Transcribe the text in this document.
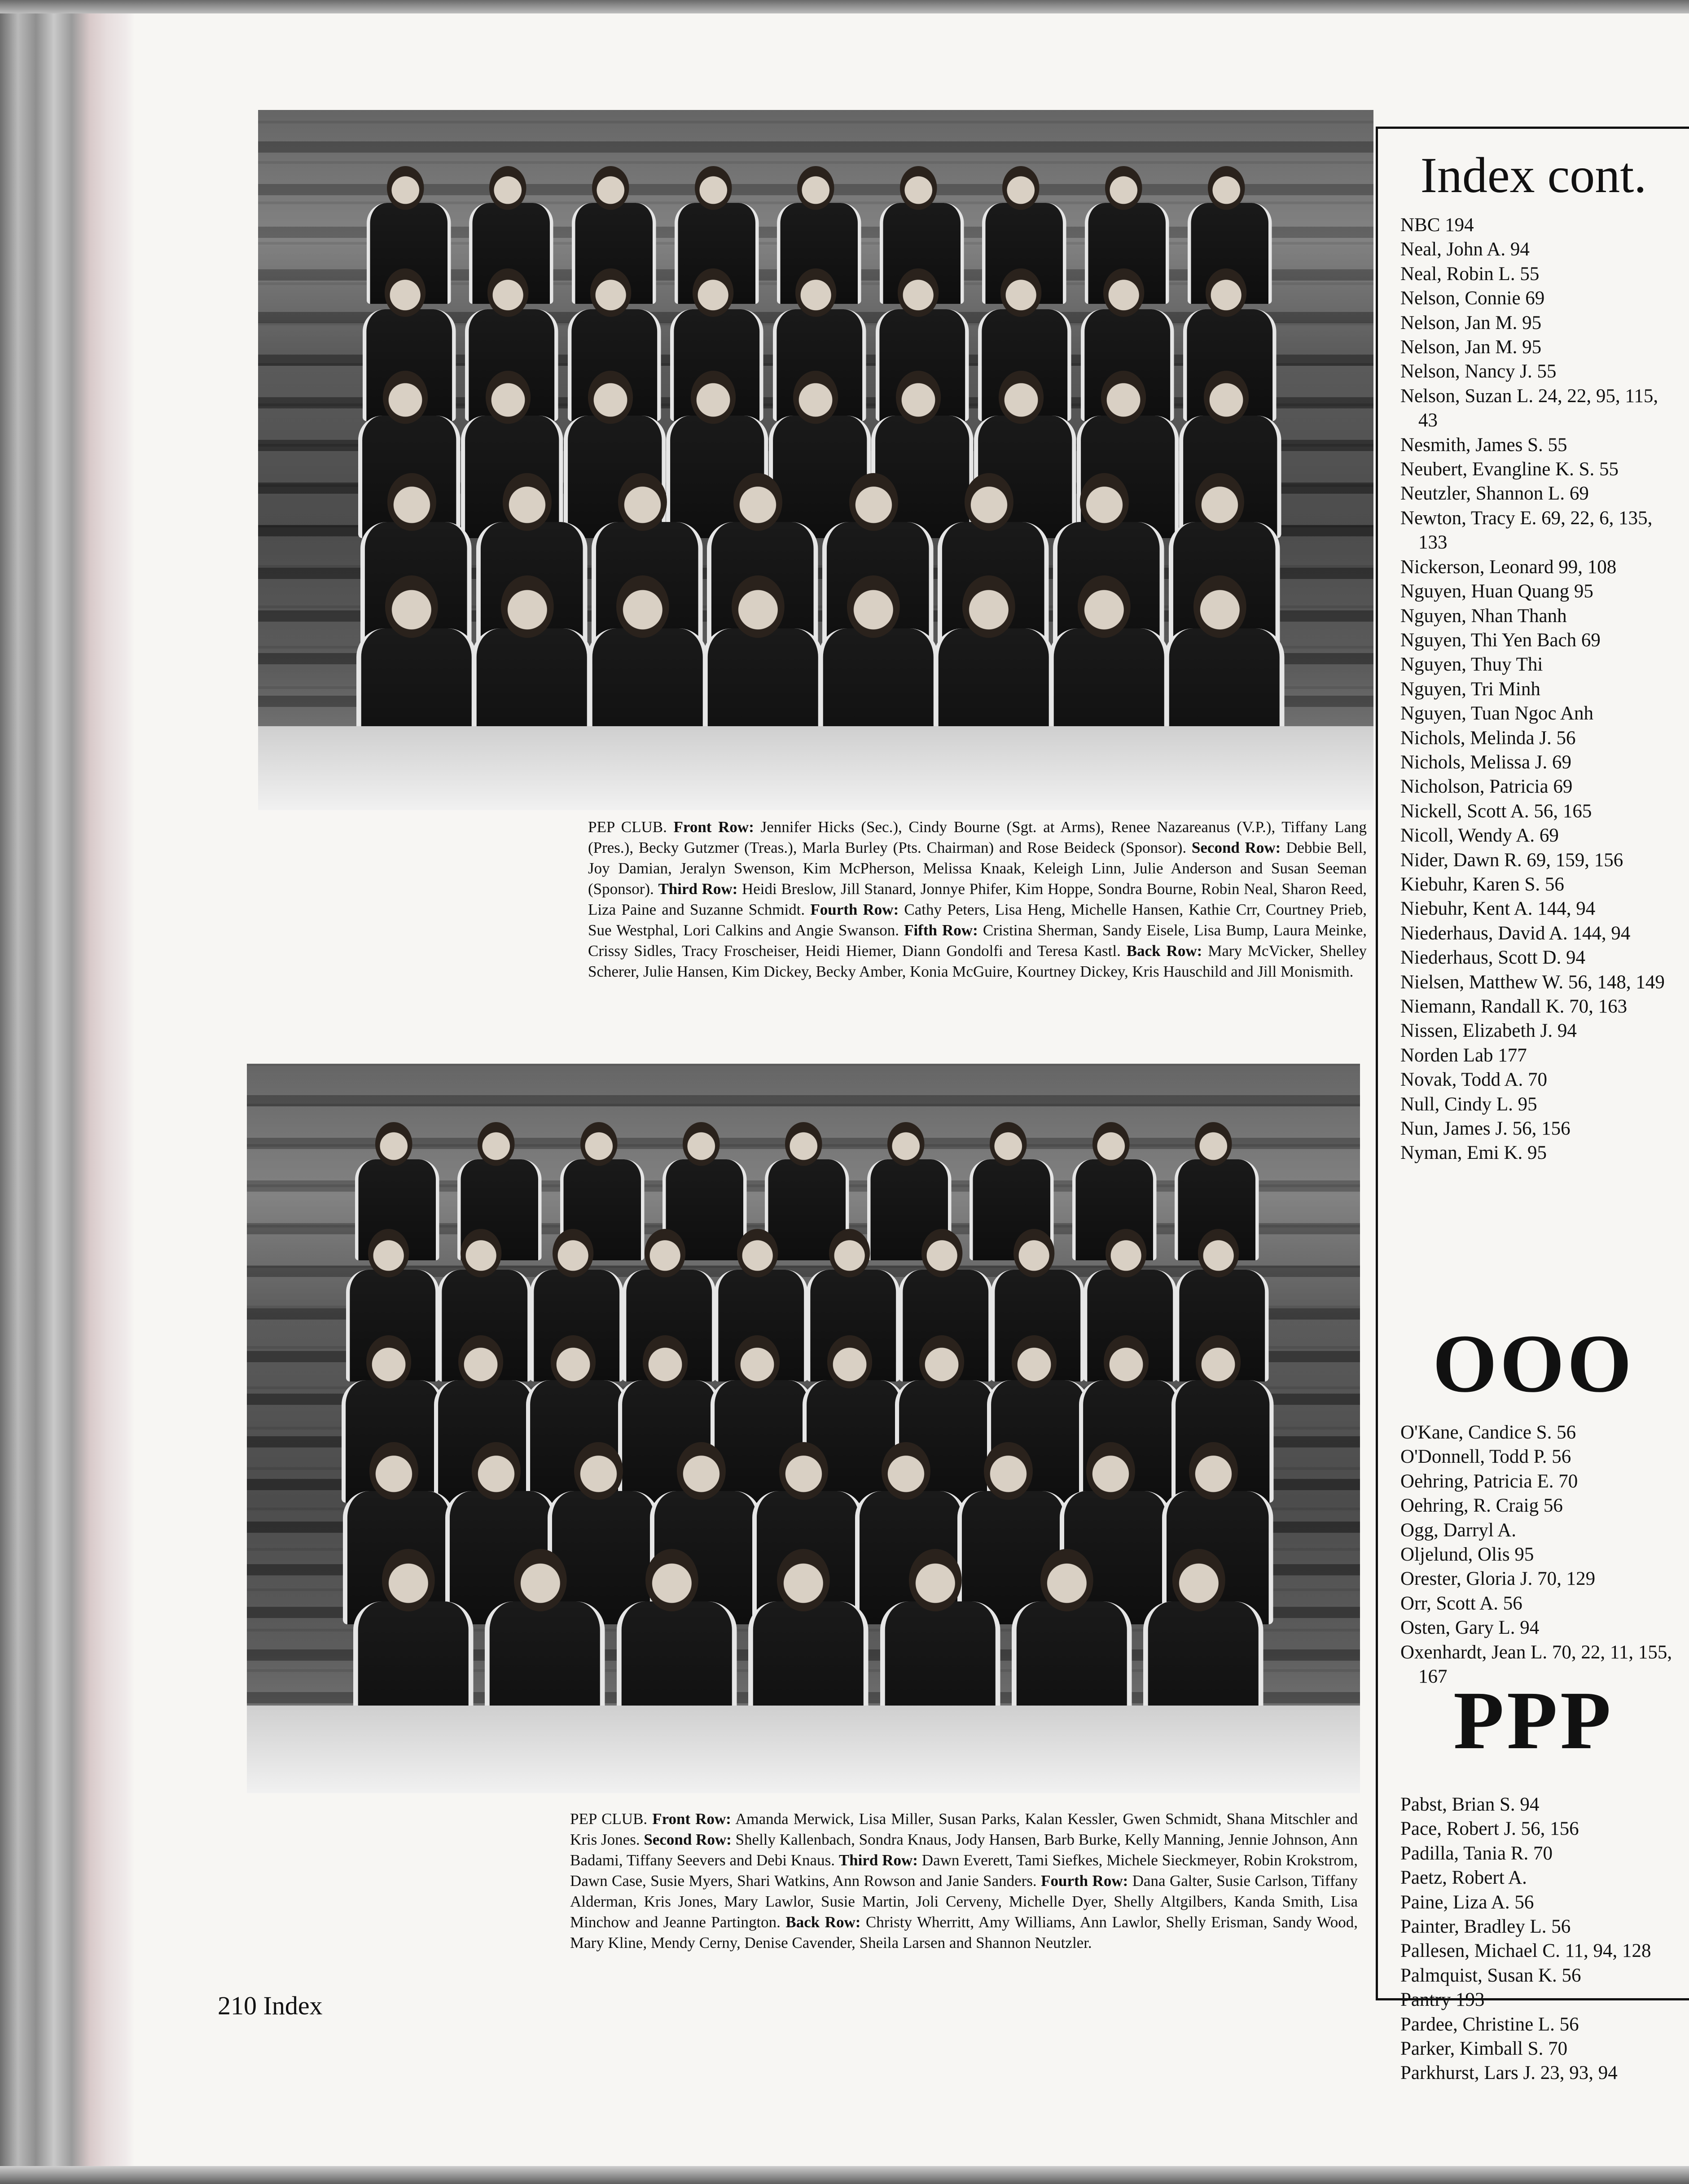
PEP CLUB. Front Row: Jennifer Hicks (Sec.), Cindy Bourne (Sgt. at Arms), Renee Nazareanus (V.P.), Tiffany Lang (Pres.), Becky Gutzmer (Treas.), Marla Burley (Pts. Chairman) and Rose Beideck (Sponsor). Second Row: Debbie Bell, Joy Damian, Jeralyn Swenson, Kim McPherson, Melissa Knaak, Keleigh Linn, Julie Anderson and Susan Seeman (Sponsor). Third Row: Heidi Breslow, Jill Stanard, Jonnye Phifer, Kim Hoppe, Sondra Bourne, Robin Neal, Sharon Reed, Liza Paine and Suzanne Schmidt. Fourth Row: Cathy Peters, Lisa Heng, Michelle Hansen, Kathie Crr, Courtney Prieb, Sue Westphal, Lori Calkins and Angie Swanson. Fifth Row: Cristina Sherman, Sandy Eisele, Lisa Bump, Laura Meinke, Crissy Sidles, Tracy Froscheiser, Heidi Hiemer, Diann Gondolfi and Teresa Kastl. Back Row: Mary McVicker, Shelley Scherer, Julie Hansen, Kim Dickey, Becky Amber, Konia McGuire, Kourtney Dickey, Kris Hauschild and Jill Monismith.
PEP CLUB. Front Row: Amanda Merwick, Lisa Miller, Susan Parks, Kalan Kessler, Gwen Schmidt, Shana Mitschler and Kris Jones. Second Row: Shelly Kallenbach, Sondra Knaus, Jody Hansen, Barb Burke, Kelly Manning, Jennie Johnson, Ann Badami, Tiffany Seevers and Debi Knaus. Third Row: Dawn Everett, Tami Siefkes, Michele Sieckmeyer, Robin Krokstrom, Dawn Case, Susie Myers, Shari Watkins, Ann Rowson and Janie Sanders. Fourth Row: Dana Galter, Susie Carlson, Tiffany Alderman, Kris Jones, Mary Lawlor, Susie Martin, Joli Cerveny, Michelle Dyer, Shelly Altgilbers, Kanda Smith, Lisa Minchow and Jeanne Partington. Back Row: Christy Wherritt, Amy Williams, Ann Lawlor, Shelly Erisman, Sandy Wood, Mary Kline, Mendy Cerny, Denise Cavender, Sheila Larsen and Shannon Neutzler.
210 Index
Index cont.
NBC 194
Neal, John A. 94
Neal, Robin L. 55
Nelson, Connie 69
Nelson, Jan M. 95
Nelson, Jan M. 95
Nelson, Nancy J. 55
Nelson, Suzan L. 24, 22, 95, 115, 43
Nesmith, James S. 55
Neubert, Evangline K. S. 55
Neutzler, Shannon L. 69
Newton, Tracy E. 69, 22, 6, 135, 133
Nickerson, Leonard 99, 108
Nguyen, Huan Quang 95
Nguyen, Nhan Thanh
Nguyen, Thi Yen Bach 69
Nguyen, Thuy Thi
Nguyen, Tri Minh
Nguyen, Tuan Ngoc Anh
Nichols, Melinda J. 56
Nichols, Melissa J. 69
Nicholson, Patricia 69
Nickell, Scott A. 56, 165
Nicoll, Wendy A. 69
Nider, Dawn R. 69, 159, 156
Kiebuhr, Karen S. 56
Niebuhr, Kent A. 144, 94
Niederhaus, David A. 144, 94
Niederhaus, Scott D. 94
Nielsen, Matthew W. 56, 148, 149
Niemann, Randall K. 70, 163
Nissen, Elizabeth J. 94
Norden Lab 177
Novak, Todd A. 70
Null, Cindy L. 95
Nun, James J. 56, 156
Nyman, Emi K. 95
OOO
O'Kane, Candice S. 56
O'Donnell, Todd P. 56
Oehring, Patricia E. 70
Oehring, R. Craig 56
Ogg, Darryl A.
Oljelund, Olis 95
Orester, Gloria J. 70, 129
Orr, Scott A. 56
Osten, Gary L. 94
Oxenhardt, Jean L. 70, 22, 11, 155, 167 PPP
Pabst, Brian S. 94
Pace, Robert J. 56, 156
Padilla, Tania R. 70
Paetz, Robert A.
Paine, Liza A. 56
Painter, Bradley L. 56
Pallesen, Michael C. 11, 94, 128
Palmquist, Susan K. 56
Pantry 193
Pardee, Christine L. 56
Parker, Kimball S. 70
Parkhurst, Lars J. 23, 93, 94
